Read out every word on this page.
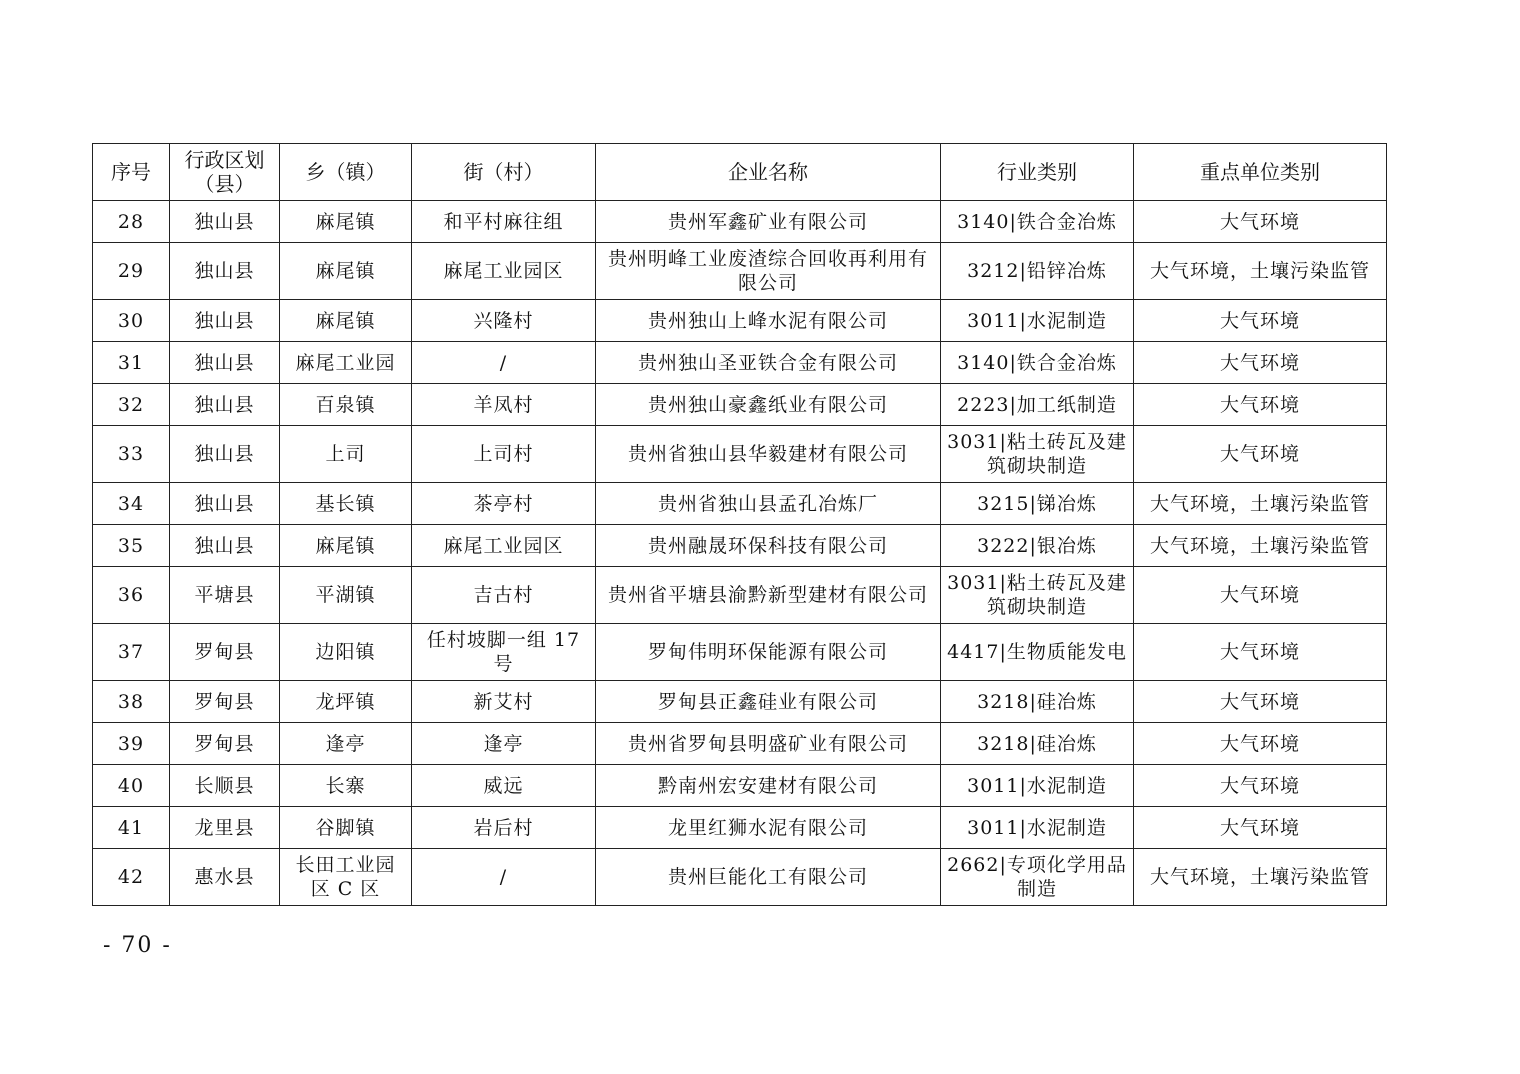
序号	行政区划（县）	乡（镇）	街（村）	企业名称	行业类别	重点单位类别
28	独山县	麻尾镇	和平村麻往组	贵州军鑫矿业有限公司	3140|铁合金冶炼	大气环境
29	独山县	麻尾镇	麻尾工业园区	贵州明峰工业废渣综合回收再利用有限公司	3212|铅锌冶炼	大气环境，土壤污染监管
30	独山县	麻尾镇	兴隆村	贵州独山上峰水泥有限公司	3011|水泥制造	大气环境
31	独山县	麻尾工业园	/	贵州独山圣亚铁合金有限公司	3140|铁合金冶炼	大气环境
32	独山县	百泉镇	羊凤村	贵州独山豪鑫纸业有限公司	2223|加工纸制造	大气环境
33	独山县	上司	上司村	贵州省独山县华毅建材有限公司	3031|粘土砖瓦及建筑砌块制造	大气环境
34	独山县	基长镇	茶亭村	贵州省独山县孟孔冶炼厂	3215|锑冶炼	大气环境，土壤污染监管
35	独山县	麻尾镇	麻尾工业园区	贵州融晟环保科技有限公司	3222|银冶炼	大气环境，土壤污染监管
36	平塘县	平湖镇	吉古村	贵州省平塘县渝黔新型建材有限公司	3031|粘土砖瓦及建筑砌块制造	大气环境
37	罗甸县	边阳镇	任村坡脚一组 17 号	罗甸伟明环保能源有限公司	4417|生物质能发电	大气环境
38	罗甸县	龙坪镇	新艾村	罗甸县正鑫硅业有限公司	3218|硅冶炼	大气环境
39	罗甸县	逢亭	逢亭	贵州省罗甸县明盛矿业有限公司	3218|硅冶炼	大气环境
40	长顺县	长寨	威远	黔南州宏安建材有限公司	3011|水泥制造	大气环境
41	龙里县	谷脚镇	岩后村	龙里红狮水泥有限公司	3011|水泥制造	大气环境
42	惠水县	长田工业园区 C 区	/	贵州巨能化工有限公司	2662|专项化学用品制造	大气环境，土壤污染监管
- 70 -
